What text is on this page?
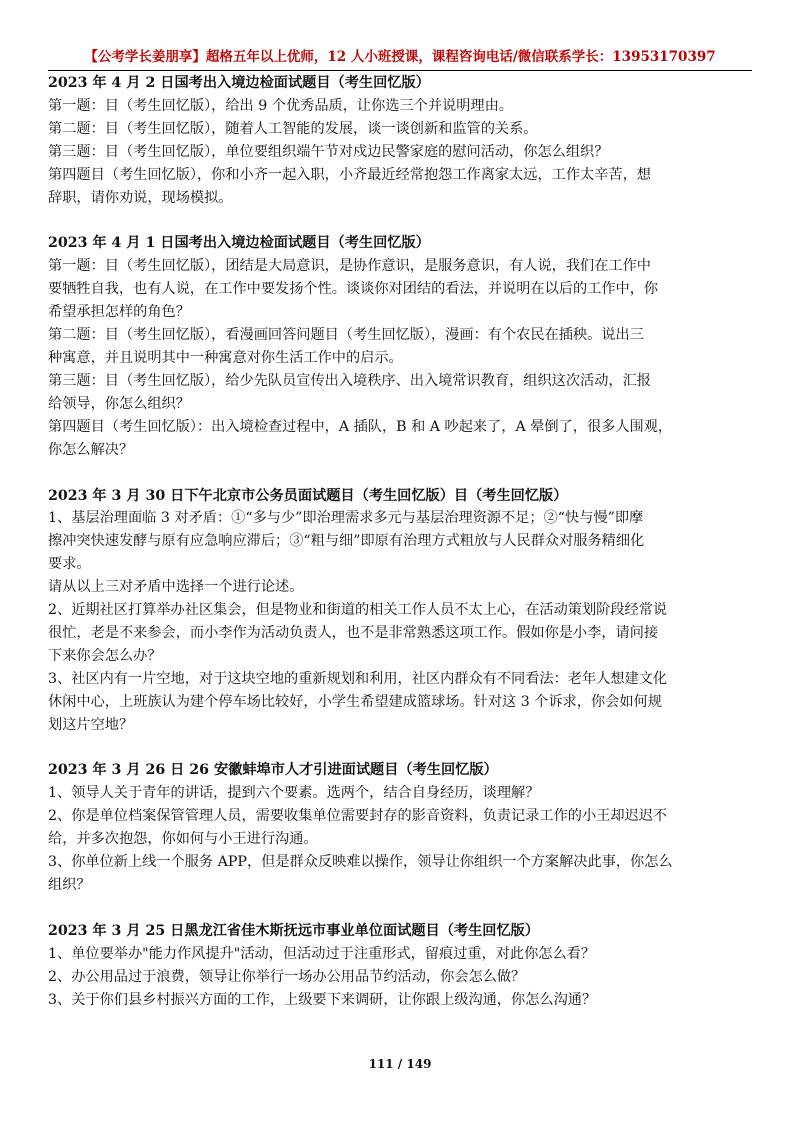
【公考学长姜朋享】超格五年以上优师，12 人小班授课，课程咨询电话/微信联系学长：13953170397

2023 年 4 月 2 日国考出入境边检面试题目（考生回忆版）

第一题：目（考生回忆版），给出 9 个优秀品质，让你选三个并说明理由。

第二题：目（考生回忆版），随着人工智能的发展，谈一谈创新和监管的关系。

第三题：目（考生回忆版），单位要组织端午节对戍边民警家庭的慰问活动，你怎么组织？

第四题目（考生回忆版），你和小齐一起入职，小齐最近经常抱怨工作离家太远，工作太辛苦，想

辞职，请你劝说，现场模拟。

2023 年 4 月 1 日国考出入境边检面试题目（考生回忆版）

第一题：目（考生回忆版），团结是大局意识，是协作意识，是服务意识，有人说，我们在工作中

要牺牲自我，也有人说，在工作中要发扬个性。谈谈你对团结的看法，并说明在以后的工作中，你

希望承担怎样的角色？

第二题：目（考生回忆版），看漫画回答问题目（考生回忆版），漫画：有个农民在插秧。说出三

种寓意，并且说明其中一种寓意对你生活工作中的启示。

第三题：目（考生回忆版），给少先队员宣传出入境秩序、出入境常识教育，组织这次活动，汇报

给领导，你怎么组织？

第四题目（考生回忆版）：出入境检查过程中，A 插队，B 和 A 吵起来了，A 晕倒了，很多人围观，

你怎么解决？

2023 年 3 月 30 日下午北京市公务员面试题目（考生回忆版）目（考生回忆版）

1、基层治理面临 3 对矛盾：①“多与少”即治理需求多元与基层治理资源不足；②“快与慢”即摩

擦冲突快速发酵与原有应急响应滞后；③“粗与细”即原有治理方式粗放与人民群众对服务精细化

要求。

请从以上三对矛盾中选择一个进行论述。

2、近期社区打算举办社区集会，但是物业和街道的相关工作人员不太上心，在活动策划阶段经常说

很忙，老是不来参会，而小李作为活动负责人，也不是非常熟悉这项工作。假如你是小李，请问接

下来你会怎么办？

3、社区内有一片空地，对于这块空地的重新规划和利用，社区内群众有不同看法：老年人想建文化

休闲中心，上班族认为建个停车场比较好，小学生希望建成篮球场。针对这 3 个诉求，你会如何规

划这片空地？

2023 年 3 月 26 日 26 安徽蚌埠市人才引进面试题目（考生回忆版）

1、领导人关于青年的讲话，提到六个要素。选两个，结合自身经历，谈理解？

2、你是单位档案保管管理人员，需要收集单位需要封存的影音资料，负责记录工作的小王却迟迟不

给，并多次抱怨，你如何与小王进行沟通。

3、你单位新上线一个服务 APP，但是群众反映难以操作，领导让你组织一个方案解决此事，你怎么

组织？

2023 年 3 月 25 日黑龙江省佳木斯抚远市事业单位面试题目（考生回忆版）

1、单位要举办"能力作风提升"活动，但活动过于注重形式，留痕过重，对此你怎么看？

2、办公用品过于浪费，领导让你举行一场办公用品节约活动，你会怎么做？

3、关于你们县乡村振兴方面的工作，上级要下来调研，让你跟上级沟通，你怎么沟通？

111 / 149
